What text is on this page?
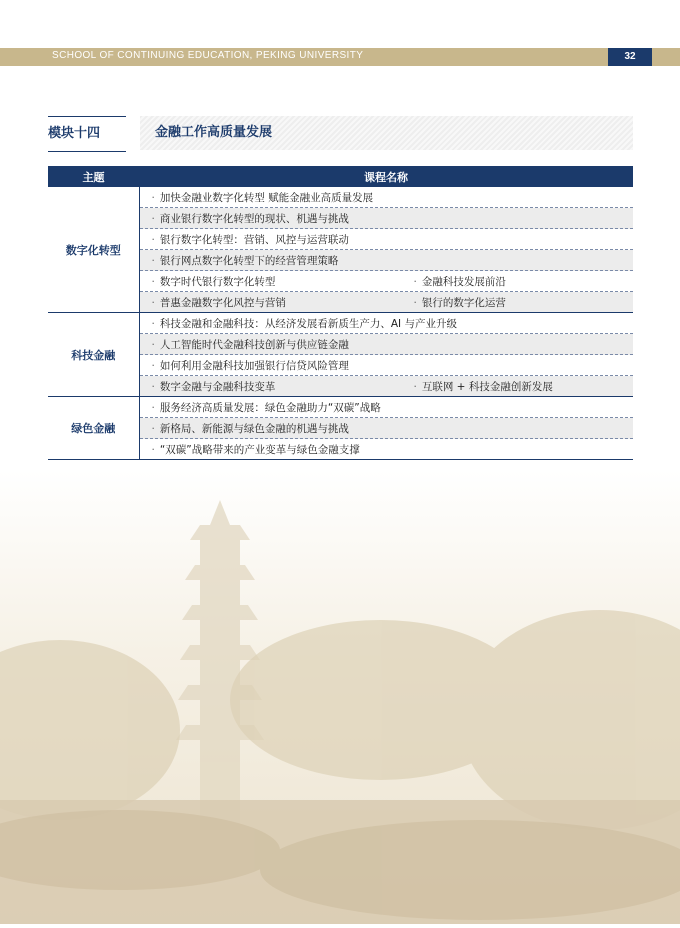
SCHOOL OF CONTINUING EDUCATION, PEKING UNIVERSITY	32
模块十四	金融工作高质量发展
主题	课程名称
数字化转型	· 加快金融业数字化转型 赋能金融业高质量发展

	· 商业银行数字化转型的现状、机遇与挑战

	· 银行数字化转型：营销、风控与运营联动

	· 银行网点数字化转型下的经营管理策略

	· 数字时代银行数字化转型 · 金融科技发展前沿

	· 普惠金融数字化风控与营销 · 银行的数字化运营

科技金融	· 科技金融和金融科技：从经济发展看新质生产力、AI 与产业升级

	· 人工智能时代金融科技创新与供应链金融

	· 如何利用金融科技加强银行信贷风险管理

	· 数字金融与金融科技变革 · 互联网 + 科技金融创新发展

绿色金融	· 服务经济高质量发展：绿色金融助力“双碳”战略

	· 新格局、新能源与绿色金融的机遇与挑战

	· “双碳”战略带来的产业变革与绿色金融支撑
